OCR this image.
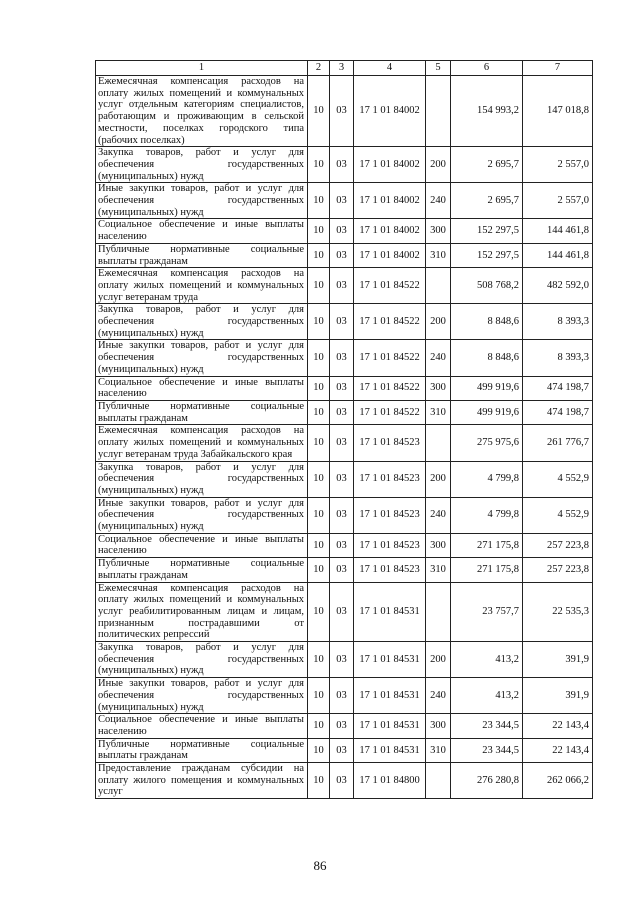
1	2	3	4	5	6	7
Ежемесячная компенсация расходов на оплату жилых помещений и коммунальных услуг отдельным категориям специалистов, работающим и проживающим в сельской местности, поселках городского типа (рабочих поселках)	10	03	17 1 01 84002		154 993,2	147 018,8
Закупка товаров, работ и услуг для обеспечения государственных (муниципальных) нужд	10	03	17 1 01 84002	200	2 695,7	2 557,0
Иные закупки товаров, работ и услуг для обеспечения государственных (муниципальных) нужд	10	03	17 1 01 84002	240	2 695,7	2 557,0
Социальное обеспечение и иные выплаты населению	10	03	17 1 01 84002	300	152 297,5	144 461,8
Публичные нормативные социальные выплаты гражданам	10	03	17 1 01 84002	310	152 297,5	144 461,8
Ежемесячная компенсация расходов на оплату жилых помещений и коммунальных услуг ветеранам труда	10	03	17 1 01 84522		508 768,2	482 592,0
Закупка товаров, работ и услуг для обеспечения государственных (муниципальных) нужд	10	03	17 1 01 84522	200	8 848,6	8 393,3
Иные закупки товаров, работ и услуг для обеспечения государственных (муниципальных) нужд	10	03	17 1 01 84522	240	8 848,6	8 393,3
Социальное обеспечение и иные выплаты населению	10	03	17 1 01 84522	300	499 919,6	474 198,7
Публичные нормативные социальные выплаты гражданам	10	03	17 1 01 84522	310	499 919,6	474 198,7
Ежемесячная компенсация расходов на оплату жилых помещений и коммунальных услуг ветеранам труда Забайкальского края	10	03	17 1 01 84523		275 975,6	261 776,7
Закупка товаров, работ и услуг для обеспечения государственных (муниципальных) нужд	10	03	17 1 01 84523	200	4 799,8	4 552,9
Иные закупки товаров, работ и услуг для обеспечения государственных (муниципальных) нужд	10	03	17 1 01 84523	240	4 799,8	4 552,9
Социальное обеспечение и иные выплаты населению	10	03	17 1 01 84523	300	271 175,8	257 223,8
Публичные нормативные социальные выплаты гражданам	10	03	17 1 01 84523	310	271 175,8	257 223,8
Ежемесячная компенсация расходов на оплату жилых помещений и коммунальных услуг реабилитированным лицам и лицам, признанным пострадавшими от политических репрессий	10	03	17 1 01 84531		23 757,7	22 535,3
Закупка товаров, работ и услуг для обеспечения государственных (муниципальных) нужд	10	03	17 1 01 84531	200	413,2	391,9
Иные закупки товаров, работ и услуг для обеспечения государственных (муниципальных) нужд	10	03	17 1 01 84531	240	413,2	391,9
Социальное обеспечение и иные выплаты населению	10	03	17 1 01 84531	300	23 344,5	22 143,4
Публичные нормативные социальные выплаты гражданам	10	03	17 1 01 84531	310	23 344,5	22 143,4
Предоставление гражданам субсидии на оплату жилого помещения и коммунальных услуг	10	03	17 1 01 84800		276 280,8	262 066,2
86
